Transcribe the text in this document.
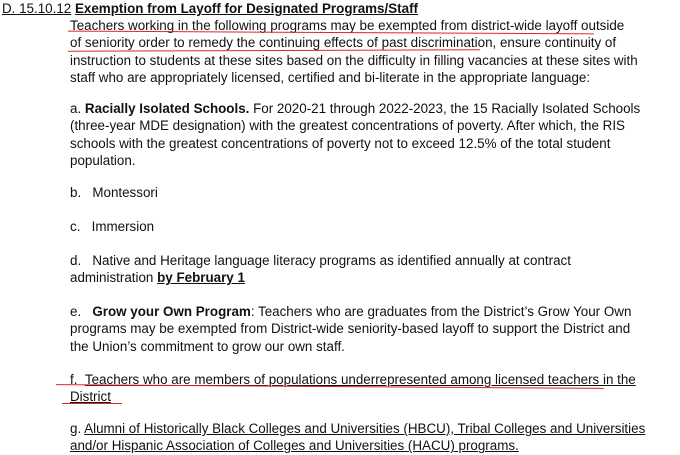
D. 15.10.12 Exemption from Layoff for Designated Programs/Staff
Teachers working in the following programs may be exempted from district-wide layoff outside
of seniority order to remedy the continuing effects of past discrimination, ensure continuity of
instruction to students at these sites based on the difficulty in filling vacancies at these sites with
staff who are appropriately licensed, certified and bi-literate in the appropriate language:
a. Racially Isolated Schools. For 2020-21 through 2022-2023, the 15 Racially Isolated Schools
(three-year MDE designation) with the greatest concentrations of poverty. After which, the RIS
schools with the greatest concentrations of poverty not to exceed 12.5% of the total student
population.
b. Montessori
c. Immersion
d. Native and Heritage language literacy programs as identified annually at contract
administration by February 1
e. Grow your Own Program: Teachers who are graduates from the District’s Grow Your Own
programs may be exempted from District-wide seniority-based layoff to support the District and
the Union’s commitment to grow our own staff.
f. Teachers who are members of populations underrepresented among licensed teachers in the
District
g. Alumni of Historically Black Colleges and Universities (HBCU), Tribal Colleges and Universities
and/or Hispanic Association of Colleges and Universities (HACU) programs.
